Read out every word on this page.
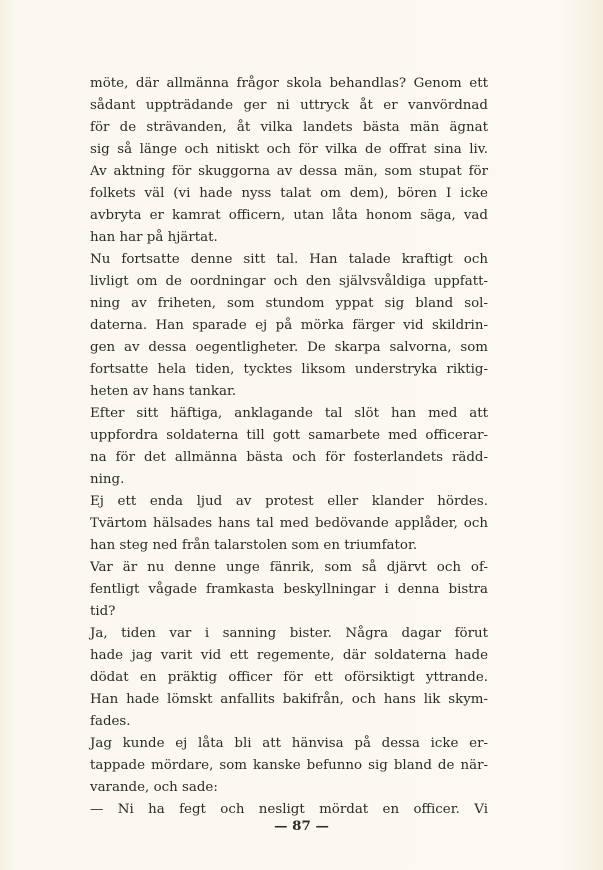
möte, där allmänna frågor skola behandlas? Genom ett
sådant uppträdande ger ni uttryck åt er vanvördnad
för de strävanden, åt vilka landets bästa män ägnat
sig så länge och nitiskt och för vilka de offrat sina liv.
Av aktning för skuggorna av dessa män, som stupat för
folkets väl (vi hade nyss talat om dem), bören I icke
avbryta er kamrat officern, utan låta honom säga, vad
han har på hjärtat.
Nu fortsatte denne sitt tal. Han talade kraftigt och
livligt om de oordningar och den självsvåldiga uppfatt-
ning av friheten, som stundom yppat sig bland sol-
daterna. Han sparade ej på mörka färger vid skildrin-
gen av dessa oegentligheter. De skarpa salvorna, som
fortsatte hela tiden, tycktes liksom understryka riktig-
heten av hans tankar.
Efter sitt häftiga, anklagande tal slöt han med att
uppfordra soldaterna till gott samarbete med officerar-
na för det allmänna bästa och för fosterlandets rädd-
ning.
Ej ett enda ljud av protest eller klander hördes.
Tvärtom hälsades hans tal med bedövande applåder, och
han steg ned från talarstolen som en triumfator.
Var är nu denne unge fänrik, som så djärvt och of-
fentligt vågade framkasta beskyllningar i denna bistra
tid?
Ja, tiden var i sanning bister. Några dagar förut
hade jag varit vid ett regemente, där soldaterna hade
dödat en präktig officer för ett oförsiktigt yttrande.
Han hade lömskt anfallits bakifrån, och hans lik skym-
fades.
Jag kunde ej låta bli att hänvisa på dessa icke er-
tappade mördare, som kanske befunno sig bland de när-
varande, och sade:
— Ni ha fegt och nesligt mördat en officer. Vi
— 87 —
